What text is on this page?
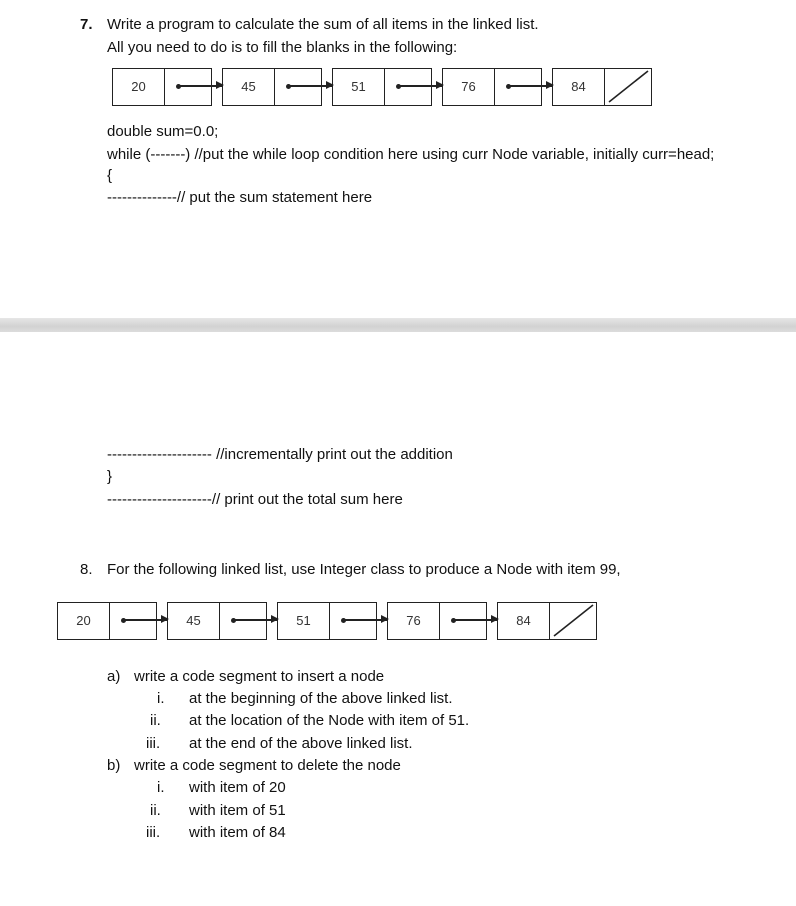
7. Write a program to calculate the sum of all items in the linked list.
All you need to do is to fill the blanks in the following:
20	45	51	76	84
double sum=0.0;
while (-------) //put the while loop condition here using curr Node variable, initially curr=head;
{
--------------// put the sum statement here
--------------------- //incrementally print out the addition
}
---------------------// print out the total sum here
8. For the following linked list, use Integer class to produce a Node with item 99,
20	45	51	76	84
a) write a code segment to insert a node
i. at the beginning of the above linked list.
ii. at the location of the Node with item of 51.
iii. at the end of the above linked list.
b) write a code segment to delete the node
i. with item of 20
ii. with item of 51
iii. with item of 84
